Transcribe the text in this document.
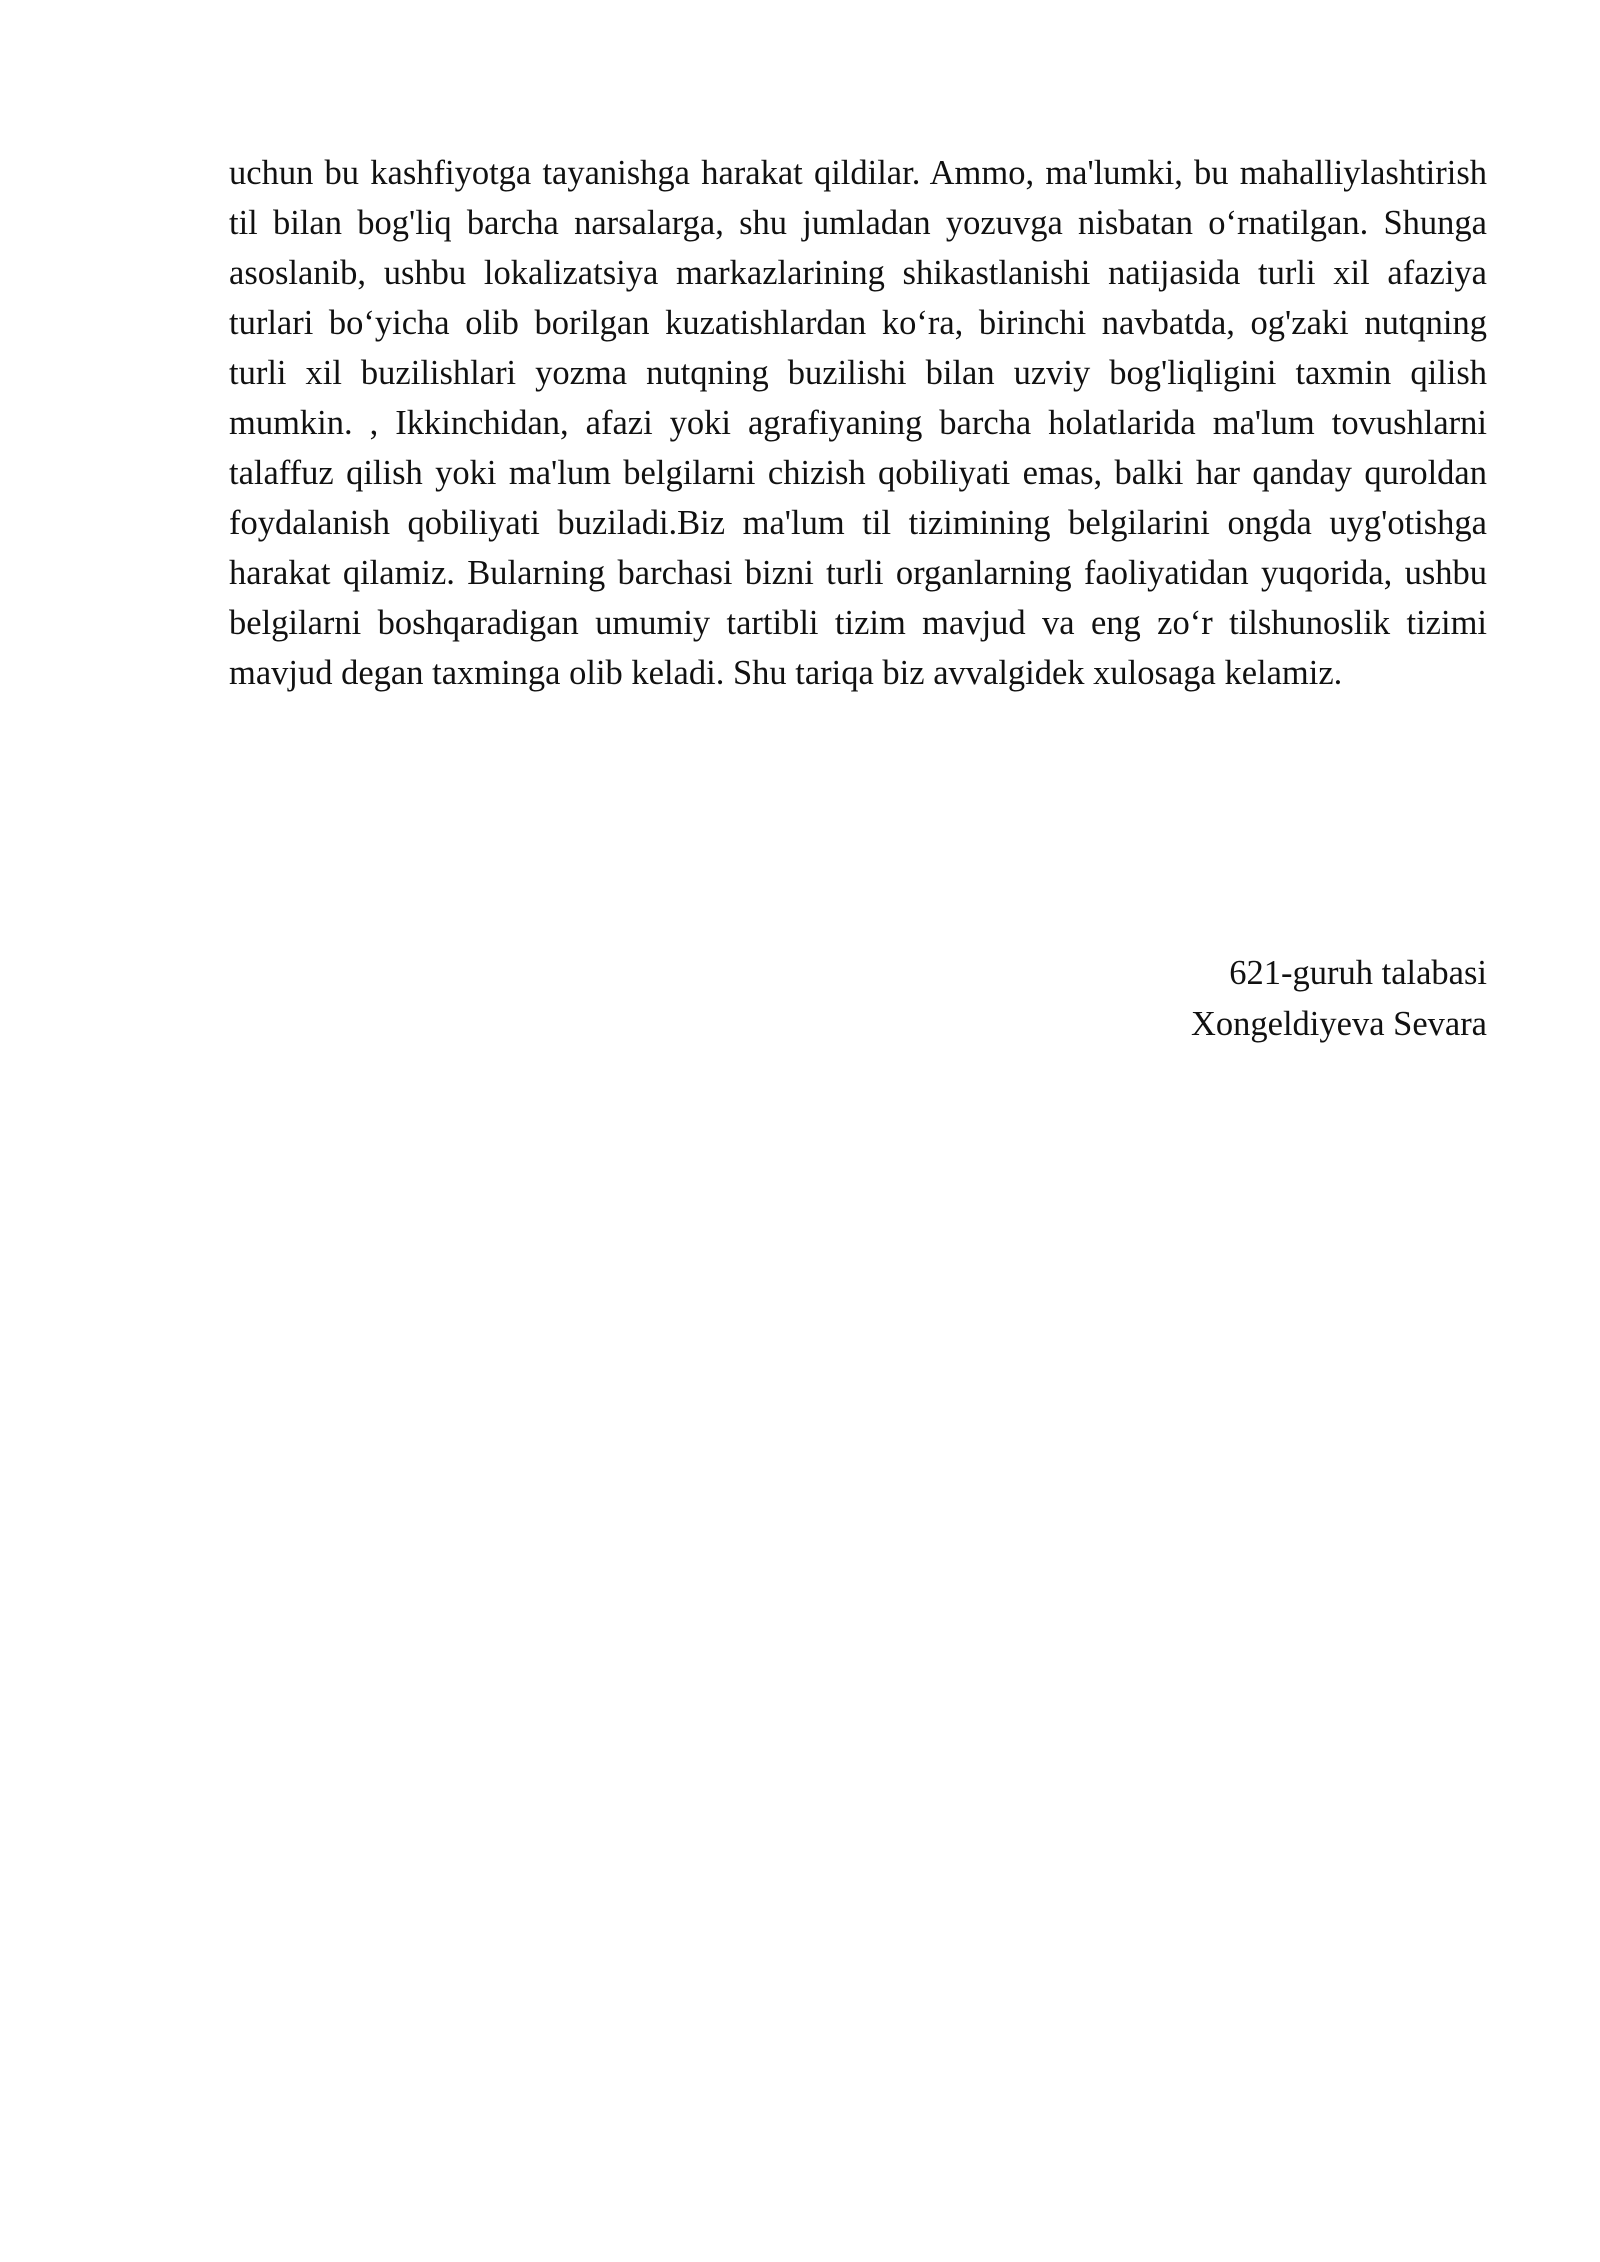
uchun bu kashfiyotga tayanishga harakat qildilar. Ammo, ma'lumki, bu mahalliylashtirish til bilan bog'liq barcha narsalarga, shu jumladan yozuvga nisbatan oʻrnatilgan. Shunga asoslanib, ushbu lokalizatsiya markazlarining shikastlanishi natijasida turli xil afaziya turlari boʻyicha olib borilgan kuzatishlardan koʻra, birinchi navbatda, og'zaki nutqning turli xil buzilishlari yozma nutqning buzilishi bilan uzviy bog'liqligini taxmin qilish mumkin. , Ikkinchidan, afazi yoki agrafiyaning barcha holatlarida ma'lum tovushlarni talaffuz qilish yoki ma'lum belgilarni chizish qobiliyati emas, balki har qanday quroldan foydalanish qobiliyati buziladi.Biz ma'lum til tizimining belgilarini ongda uyg'otishga harakat qilamiz. Bularning barchasi bizni turli organlarning faoliyatidan yuqorida, ushbu belgilarni boshqaradigan umumiy tartibli tizim mavjud va eng zoʻr tilshunoslik tizimi mavjud degan taxminga olib keladi. Shu tariqa biz avvalgidek xulosaga kelamiz.

621-guruh talabasi
Xongeldiyeva Sevara
